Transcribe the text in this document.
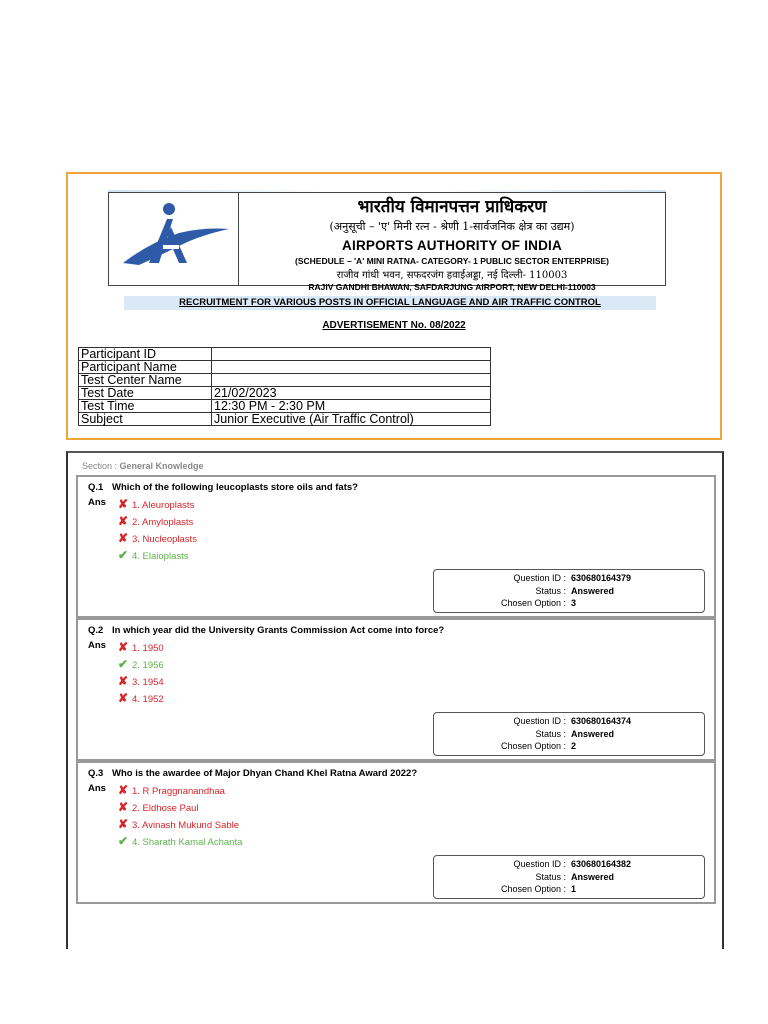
भारतीय विमानपत्तन प्राधिकरण
(अनुसूची – 'ए' मिनी रत्न - श्रेणी 1-सार्वजनिक क्षेत्र का उद्यम)
AIRPORTS AUTHORITY OF INDIA
(SCHEDULE – 'A' MINI RATNA- CATEGORY- 1 PUBLIC SECTOR ENTERPRISE)
राजीव गांधी भवन, सफदरजंग हवाईअड्डा, नई दिल्ली- 110003
RAJIV GANDHI BHAWAN, SAFDARJUNG AIRPORT, NEW DELHI-110003
RECRUITMENT FOR VARIOUS POSTS IN OFFICIAL LANGUAGE AND AIR TRAFFIC CONTROL
ADVERTISEMENT No. 08/2022
Participant ID	
Participant Name	
Test Center Name	
Test Date	21/02/2023
Test Time	12:30 PM - 2:30 PM
Subject	Junior Executive (Air Traffic Control)
Section : General Knowledge
Q.1 Which of the following leucoplasts store oils and fats?
Ans ✘ 1. Aleuroplasts
✘ 2. Amyloplasts
✘ 3. Nucleoplasts
✔ 4. Elaioplasts
Question ID : 630680164379
Status : Answered
Chosen Option : 3
Q.2 In which year did the University Grants Commission Act come into force?
Ans ✘ 1. 1950
✔ 2. 1956
✘ 3. 1954
✘ 4. 1952
Question ID : 630680164374
Status : Answered
Chosen Option : 2
Q.3 Who is the awardee of Major Dhyan Chand Khel Ratna Award 2022?
Ans ✘ 1. R Praggnanandhaa
✘ 2. Eldhose Paul
✘ 3. Avinash Mukund Sable
✔ 4. Sharath Kamal Achanta
Question ID : 630680164382
Status : Answered
Chosen Option : 1
